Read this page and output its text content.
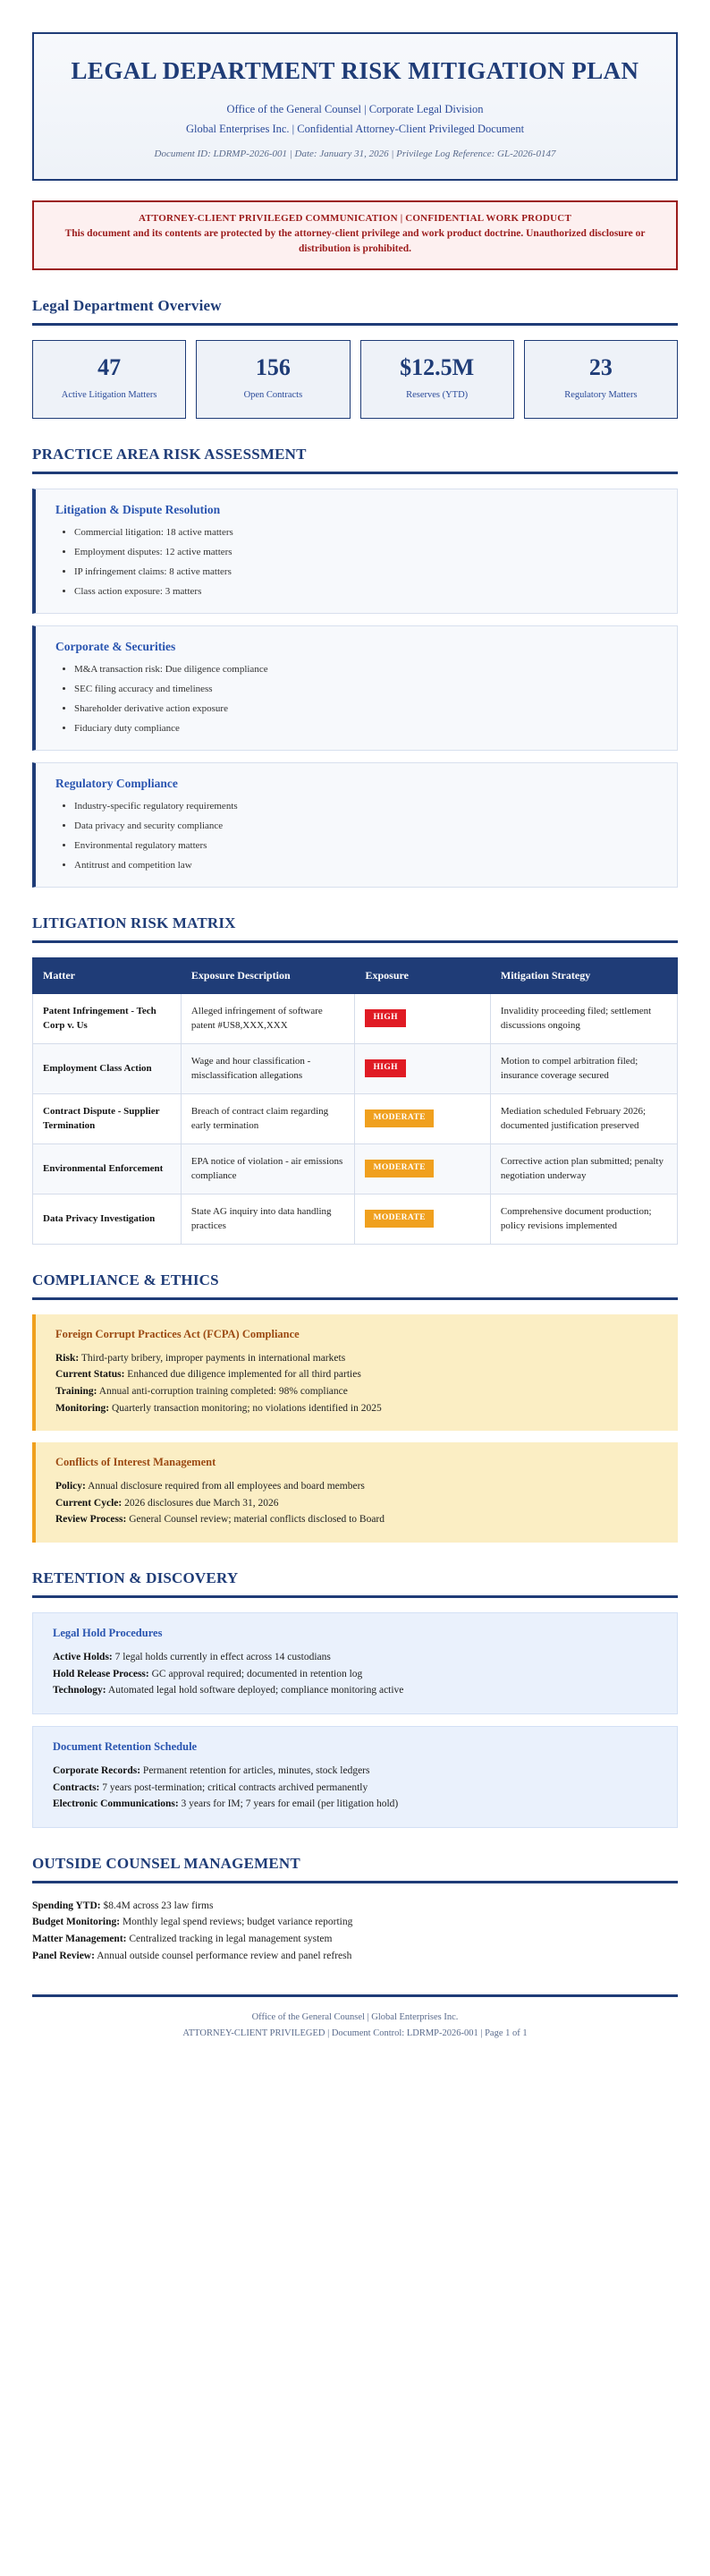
LEGAL DEPARTMENT RISK MITIGATION PLAN

Office of the General Counsel | Corporate Legal Division

Global Enterprises Inc. | Confidential Attorney-Client Privileged Document

Document ID: LDRMP-2026-001 | Date: January 31, 2026 | Privilege Log Reference: GL-2026-0147
ATTORNEY-CLIENT PRIVILEGED COMMUNICATION | CONFIDENTIAL WORK PRODUCT
This document and its contents are protected by the attorney-client privilege and work product doctrine. Unauthorized disclosure or distribution is prohibited.
Legal Department Overview
47
Active Litigation Matters
156
Open Contracts
$12.5M
Reserves (YTD)
23
Regulatory Matters
PRACTICE AREA RISK ASSESSMENT
Litigation & Dispute Resolution
• Commercial litigation: 18 active matters
• Employment disputes: 12 active matters
• IP infringement claims: 8 active matters
• Class action exposure: 3 matters
Corporate & Securities
• M&A transaction risk: Due diligence compliance
• SEC filing accuracy and timeliness
• Shareholder derivative action exposure
• Fiduciary duty compliance
Regulatory Compliance
• Industry-specific regulatory requirements
• Data privacy and security compliance
• Environmental regulatory matters
• Antitrust and competition law
LITIGATION RISK MATRIX
Matter	Exposure Description	Exposure	Mitigation Strategy
Patent Infringement - Tech Corp v. Us	Alleged infringement of software patent #US8,XXX,XXX	HIGH	Invalidity proceeding filed; settlement discussions ongoing
Employment Class Action	Wage and hour classification - misclassification allegations	HIGH	Motion to compel arbitration filed; insurance coverage secured
Contract Dispute - Supplier Termination	Breach of contract claim regarding early termination	MODERATE	Mediation scheduled February 2026; documented justification preserved
Environmental Enforcement	EPA notice of violation - air emissions compliance	MODERATE	Corrective action plan submitted; penalty negotiation underway
Data Privacy Investigation	State AG inquiry into data handling practices	MODERATE	Comprehensive document production; policy revisions implemented
COMPLIANCE & ETHICS
Foreign Corrupt Practices Act (FCPA) Compliance
Risk: Third-party bribery, improper payments in international markets
Current Status: Enhanced due diligence implemented for all third parties
Training: Annual anti-corruption training completed: 98% compliance
Monitoring: Quarterly transaction monitoring; no violations identified in 2025
Conflicts of Interest Management
Policy: Annual disclosure required from all employees and board members
Current Cycle: 2026 disclosures due March 31, 2026
Review Process: General Counsel review; material conflicts disclosed to Board
RETENTION & DISCOVERY
Legal Hold Procedures
Active Holds: 7 legal holds currently in effect across 14 custodians
Hold Release Process: GC approval required; documented in retention log
Technology: Automated legal hold software deployed; compliance monitoring active
Document Retention Schedule
Corporate Records: Permanent retention for articles, minutes, stock ledgers
Contracts: 7 years post-termination; critical contracts archived permanently
Electronic Communications: 3 years for IM; 7 years for email (per litigation hold)
OUTSIDE COUNSEL MANAGEMENT
Spending YTD: $8.4M across 23 law firms
Budget Monitoring: Monthly legal spend reviews; budget variance reporting
Matter Management: Centralized tracking in legal management system
Panel Review: Annual outside counsel performance review and panel refresh
Office of the General Counsel | Global Enterprises Inc.
ATTORNEY-CLIENT PRIVILEGED | Document Control: LDRMP-2026-001 | Page 1 of 1
